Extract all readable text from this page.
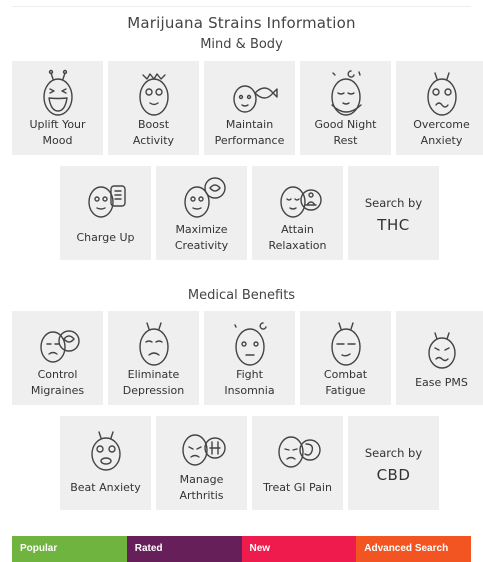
Marijuana Strains Information
Mind & Body
Uplift Your
Mood
Boost
Activity
Maintain
Performance
Good Night
Rest
Overcome
Anxiety
Charge Up
Maximize
Creativity
Attain
Relaxation
Search by
THC
Medical Benefits
Control
Migraines
Eliminate
Depression
Fight
Insomnia
Combat
Fatigue
Ease PMS
Beat Anxiety
Manage
Arthritis
Treat GI Pain
Search by
CBD
Popular	Rated	New	Advanced Search
